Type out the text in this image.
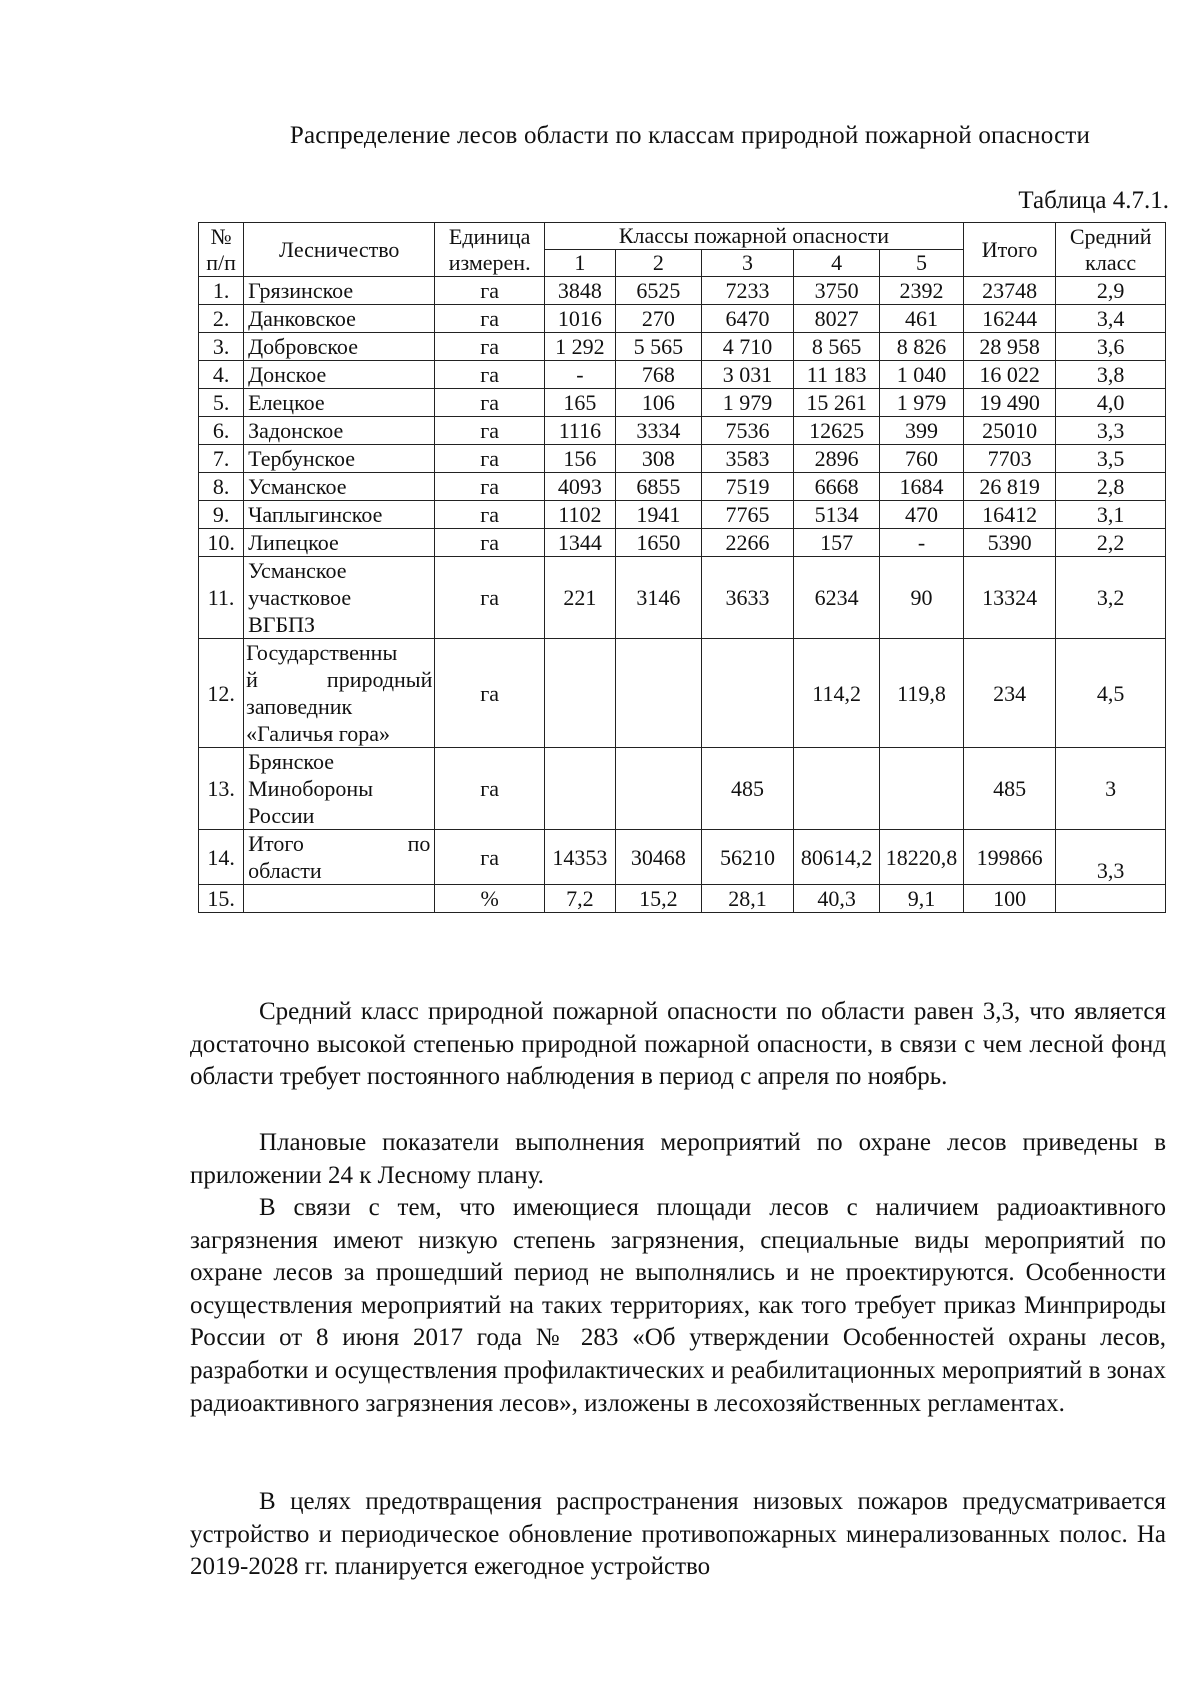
Распределение лесов области по классам природной пожарной опасности
Таблица 4.7.1.
№ п/п	Лесничество	Единица измерен.	Классы пожарной опасности					Итого	Средний класс
			1	2	3	4	5		
1.	Грязинское	га	3848	6525	7233	3750	2392	23748	2,9
2.	Данковское	га	1016	270	6470	8027	461	16244	3,4
3.	Добровское	га	1 292	5 565	4 710	8 565	8 826	28 958	3,6
4.	Донское	га	-	768	3 031	11 183	1 040	16 022	3,8
5.	Елецкое	га	165	106	1 979	15 261	1 979	19 490	4,0
6.	Задонское	га	1116	3334	7536	12625	399	25010	3,3
7.	Тербунское	га	156	308	3583	2896	760	7703	3,5
8.	Усманское	га	4093	6855	7519	6668	1684	26 819	2,8
9.	Чаплыгинское	га	1102	1941	7765	5134	470	16412	3,1
10.	Липецкое	га	1344	1650	2266	157	-	5390	2,2
11.	Усманское
участковое
ВГБПЗ	га	221	3146	3633	6234	90	13324	3,2
12.	Государственны
й природный
заповедник
«Галичья гора»	га				114,2	119,8	234	4,5
13.	Брянское
Минобороны
России	га			485			485	3
14.	Итого по
области	га	14353	30468	56210	80614,2	18220,8	199866	3,3
15.		%	7,2	15,2	28,1	40,3	9,1	100	
Средний класс природной пожарной опасности по области равен 3,3, что является достаточно высокой степенью природной пожарной опасности, в связи с чем лесной фонд области требует постоянного наблюдения в период с апреля по ноябрь.
Плановые показатели выполнения мероприятий по охране лесов приведены в приложении 24 к Лесному плану.
В связи с тем, что имеющиеся площади лесов с наличием радиоактивного загрязнения имеют низкую степень загрязнения, специальные виды мероприятий по охране лесов за прошедший период не выполнялись и не проектируются. Особенности осуществления мероприятий на таких территориях, как того требует приказ Минприроды России от 8 июня 2017 года № 283 «Об утверждении Особенностей охраны лесов, разработки и осуществления профилактических и реабилитационных мероприятий в зонах радиоактивного загрязнения лесов», изложены в лесохозяйственных регламентах.
В целях предотвращения распространения низовых пожаров предусматривается устройство и периодическое обновление противопожарных минерализованных полос. На 2019-2028 гг. планируется ежегодное устройство
